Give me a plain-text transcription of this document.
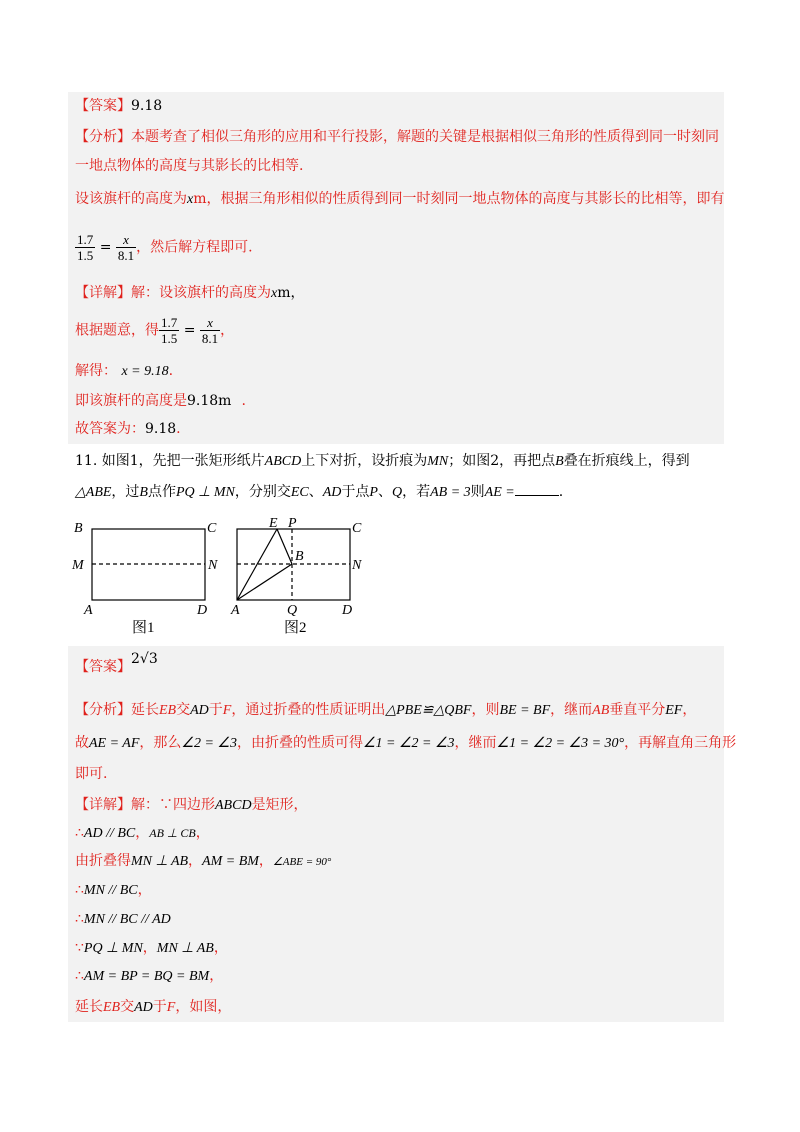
【答案】9.18
【分析】本题考查了相似三角形的应用和平行投影，解题的关键是根据相似三角形的性质得到同一时刻同
一地点物体的高度与其影长的比相等.
设该旗杆的高度为xm，根据三角形相似的性质得到同一时刻同一地点物体的高度与其影长的比相等，即有
$\frac{1.7}{1.5} = \frac{x}{8.1}$ ，然后解方程即可.
【详解】解：设该旗杆的高度为xm，
根据题意，得 $\frac{1.7}{1.5} = \frac{x}{8.1}$ ，
解得： x = 9.18.
即该旗杆的高度是9.18m .
故答案为：9.18.
11. 如图1，先把一张矩形纸片ABCD上下对折，设折痕为MN；如图2，再把点B叠在折痕线上，得到
△ABE，过B点作PQ ⊥ MN，分别交EC、AD于点P、Q，若AB = 3则AE =	.
B	C
M	N
A	D
图1
E P	C
B
N
A	Q	D
图2
【答案】2√3
【分析】延长EB交AD于F，通过折叠的性质证明出△PBE≌△QBF，则BE = BF，继而AB垂直平分EF，
故AE = AF，那么∠2 = ∠3，由折叠的性质可得∠1 = ∠2 = ∠3，继而∠1 = ∠2 = ∠3 = 30°，再解直角三角形
即可.
【详解】解：∵四边形ABCD是矩形，
∴AD // BC，AB ⊥ CB，
由折叠得MN ⊥ AB，AM = BM，∠ABE = 90°
∴MN // BC，
∴MN // BC // AD
∵PQ ⊥ MN，MN ⊥ AB，
∴AM = BP = BQ = BM，
延长EB交AD于F，如图，
